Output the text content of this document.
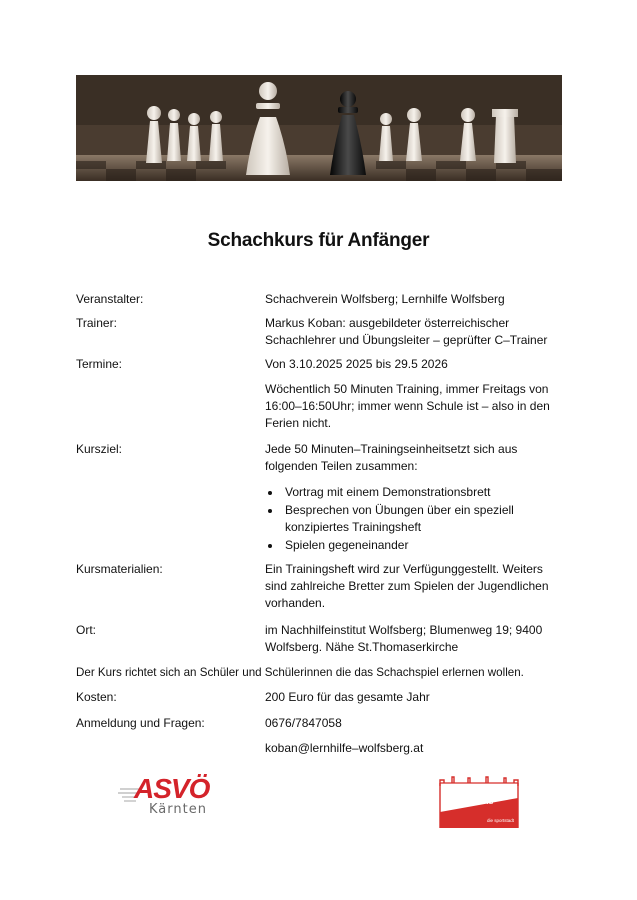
Schachkurs für Anfänger
Veranstalter:	Schachverein Wolfsberg; Lernhilfe Wolfsberg
Trainer:	Markus Koban: ausgebildeter österreichischer
Schachlehrer und Übungsleiter – geprüfter C–Trainer
Termine:	Von 3.10.2025 2025 bis 29.5 2026
Wöchentlich 50 Minuten Training, immer Freitags von
16:00–16:50Uhr; immer wenn Schule ist – also in den
Ferien nicht.
Kursziel:	Jede 50 Minuten–Trainingseinheitsetzt sich aus
folgenden Teilen zusammen:
Vortrag mit einem Demonstrationsbrett
Besprechen von Übungen über ein speziell
konzipiertes Trainingsheft
Spielen gegeneinander
Kursmaterialien:	Ein Trainingsheft wird zur Verfügunggestellt. Weiters
sind zahlreiche Bretter zum Spielen der Jugendlichen
vorhanden.
Ort:	im Nachhilfeinstitut Wolfsberg; Blumenweg 19; 9400
Wolfsberg. Nähe St.Thomaserkirche
Der Kurs richtet sich an Schüler und Schülerinnen die das Schachspiel erlernen wollen.
Kosten:	200 Euro für das gesamte Jahr
Anmeldung und Fragen:	0676/7847058
koban@lernhilfe–wolfsberg.at
ASVÖ
Kärnten	WOLFSBERG
die sportstadt
